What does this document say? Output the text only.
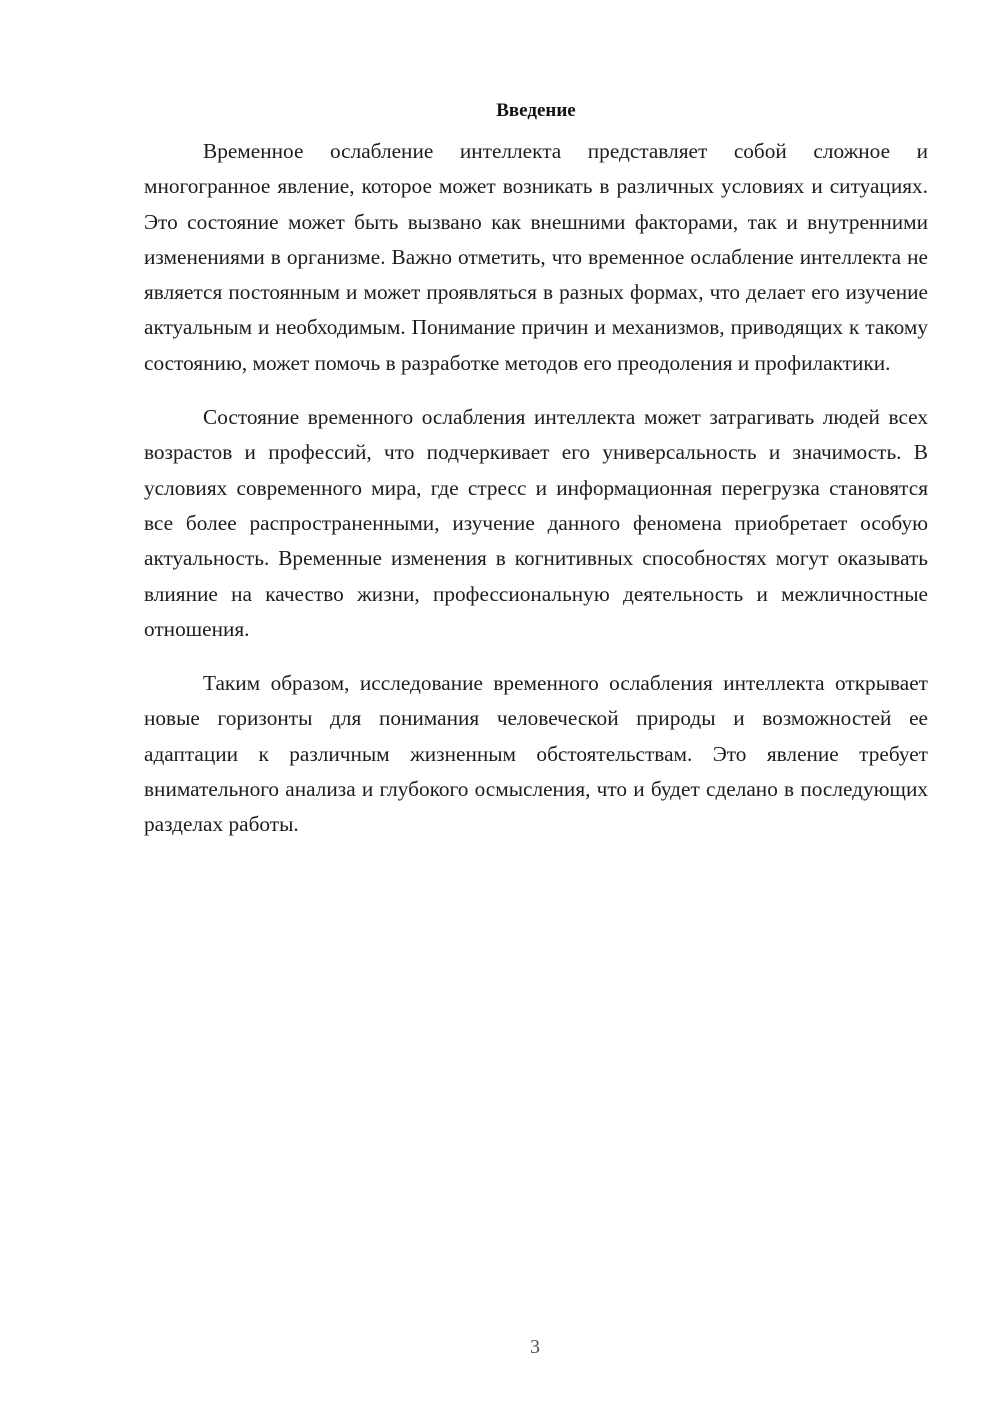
Введение

Временное ослабление интеллекта представляет собой сложное и многогранное явление, которое может возникать в различных условиях и ситуациях. Это состояние может быть вызвано как внешними факторами, так и внутренними изменениями в организме. Важно отметить, что временное ослабление интеллекта не является постоянным и может проявляться в разных формах, что делает его изучение актуальным и необходимым. Понимание причин и механизмов, приводящих к такому состоянию, может помочь в разработке методов его преодоления и профилактики.

Состояние временного ослабления интеллекта может затрагивать людей всех возрастов и профессий, что подчеркивает его универсальность и значимость. В условиях современного мира, где стресс и информационная перегрузка становятся все более распространенными, изучение данного феномена приобретает особую актуальность. Временные изменения в когнитивных способностях могут оказывать влияние на качество жизни, профессиональную деятельность и межличностные отношения.

Таким образом, исследование временного ослабления интеллекта открывает новые горизонты для понимания человеческой природы и возможностей ее адаптации к различным жизненным обстоятельствам. Это явление требует внимательного анализа и глубокого осмысления, что и будет сделано в последующих разделах работы.

3
